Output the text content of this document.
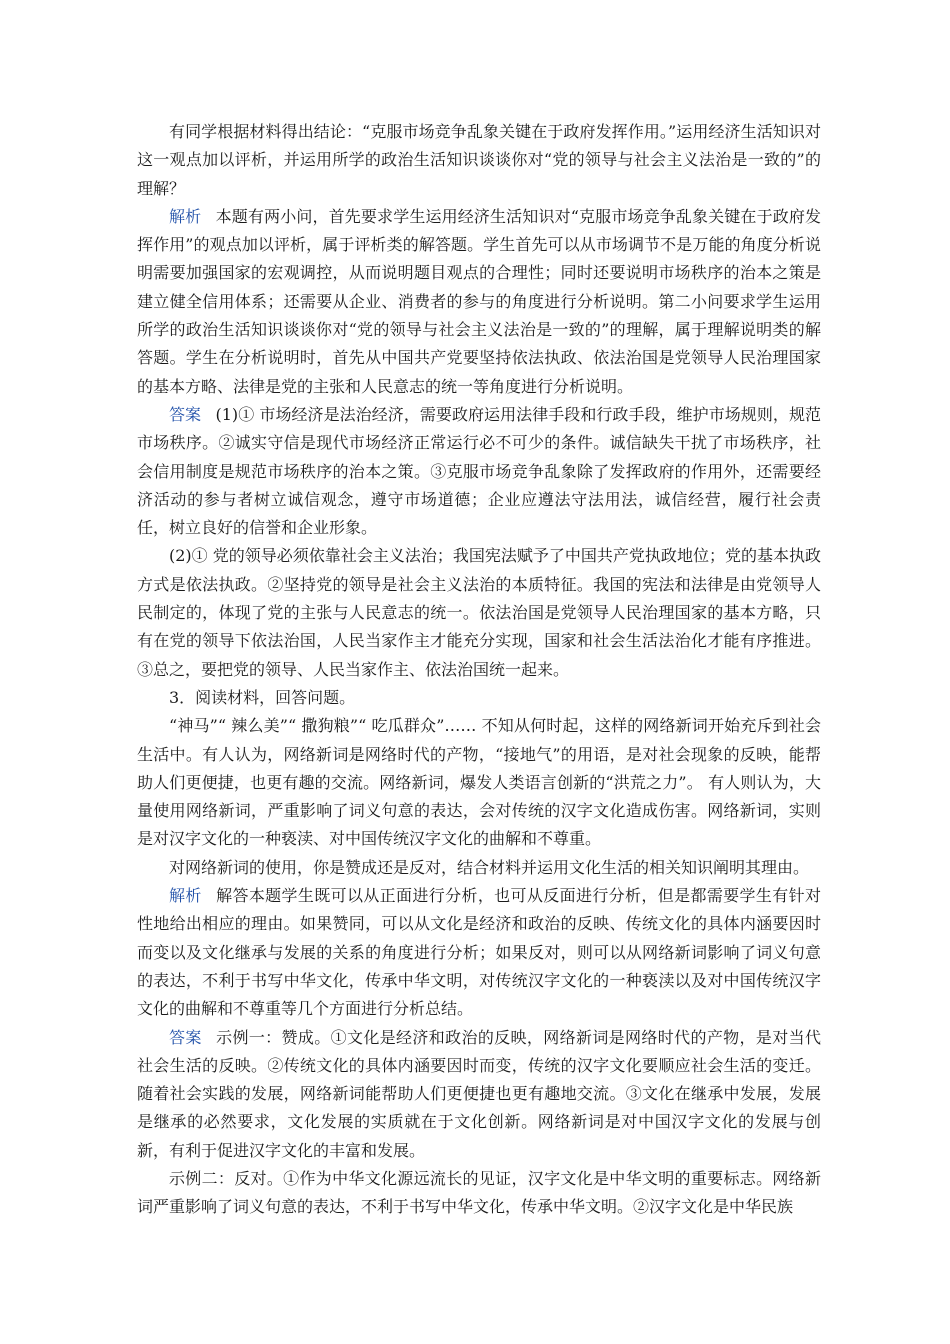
有同学根据材料得出结论：“克服市场竞争乱象关键在于政府发挥作用。”运用经济生活知识对这一观点加以评析，并运用所学的政治生活知识谈谈你对“党的领导与社会主义法治是一致的”的理解？

解析 本题有两小问，首先要求学生运用经济生活知识对“克服市场竞争乱象关键在于政府发挥作用”的观点加以评析，属于评析类的解答题。学生首先可以从市场调节不是万能的角度分析说明需要加强国家的宏观调控，从而说明题目观点的合理性；同时还要说明市场秩序的治本之策是建立健全信用体系；还需要从企业、消费者的参与的角度进行分析说明。第二小问要求学生运用所学的政治生活知识谈谈你对“党的领导与社会主义法治是一致的”的理解，属于理解说明类的解答题。学生在分析说明时，首先从中国共产党要坚持依法执政、依法治国是党领导人民治理国家的基本方略、法律是党的主张和人民意志的统一等角度进行分析说明。

答案 (1)① 市场经济是法治经济，需要政府运用法律手段和行政手段，维护市场规则，规范市场秩序。②诚实守信是现代市场经济正常运行必不可少的条件。诚信缺失干扰了市场秩序，社会信用制度是规范市场秩序的治本之策。③克服市场竞争乱象除了发挥政府的作用外，还需要经济活动的参与者树立诚信观念，遵守市场道德；企业应遵法守法用法，诚信经营，履行社会责任，树立良好的信誉和企业形象。

(2)① 党的领导必须依靠社会主义法治；我国宪法赋予了中国共产党执政地位；党的基本执政方式是依法执政。②坚持党的领导是社会主义法治的本质特征。我国的宪法和法律是由党领导人民制定的，体现了党的主张与人民意志的统一。依法治国是党领导人民治理国家的基本方略，只有在党的领导下依法治国，人民当家作主才能充分实现，国家和社会生活法治化才能有序推进。③总之，要把党的领导、人民当家作主、依法治国统一起来。

3．阅读材料，回答问题。

“神马”“ 辣么美”“ 撒狗粮”“ 吃瓜群众”…… 不知从何时起，这样的网络新词开始充斥到社会生活中。有人认为，网络新词是网络时代的产物，“接地气”的用语，是对社会现象的反映，能帮助人们更便捷，也更有趣的交流。网络新词，爆发人类语言创新的“洪荒之力”。 有人则认为，大量使用网络新词，严重影响了词义句意的表达，会对传统的汉字文化造成伤害。网络新词，实则是对汉字文化的一种亵渎、对中国传统汉字文化的曲解和不尊重。

对网络新词的使用，你是赞成还是反对，结合材料并运用文化生活的相关知识阐明其理由。

解析 解答本题学生既可以从正面进行分析，也可从反面进行分析，但是都需要学生有针对性地给出相应的理由。如果赞同，可以从文化是经济和政治的反映、传统文化的具体内涵要因时而变以及文化继承与发展的关系的角度进行分析；如果反对，则可以从网络新词影响了词义句意的表达，不利于书写中华文化，传承中华文明，对传统汉字文化的一种亵渎以及对中国传统汉字文化的曲解和不尊重等几个方面进行分析总结。

答案 示例一：赞成。①文化是经济和政治的反映，网络新词是网络时代的产物，是对当代社会生活的反映。②传统文化的具体内涵要因时而变，传统的汉字文化要顺应社会生活的变迁。随着社会实践的发展，网络新词能帮助人们更便捷也更有趣地交流。③文化在继承中发展，发展是继承的必然要求，文化发展的实质就在于文化创新。网络新词是对中国汉字文化的发展与创新，有利于促进汉字文化的丰富和发展。

示例二：反对。①作为中华文化源远流长的见证，汉字文化是中华文明的重要标志。网络新词严重影响了词义句意的表达，不利于书写中华文化，传承中华文明。②汉字文化是中华民族
